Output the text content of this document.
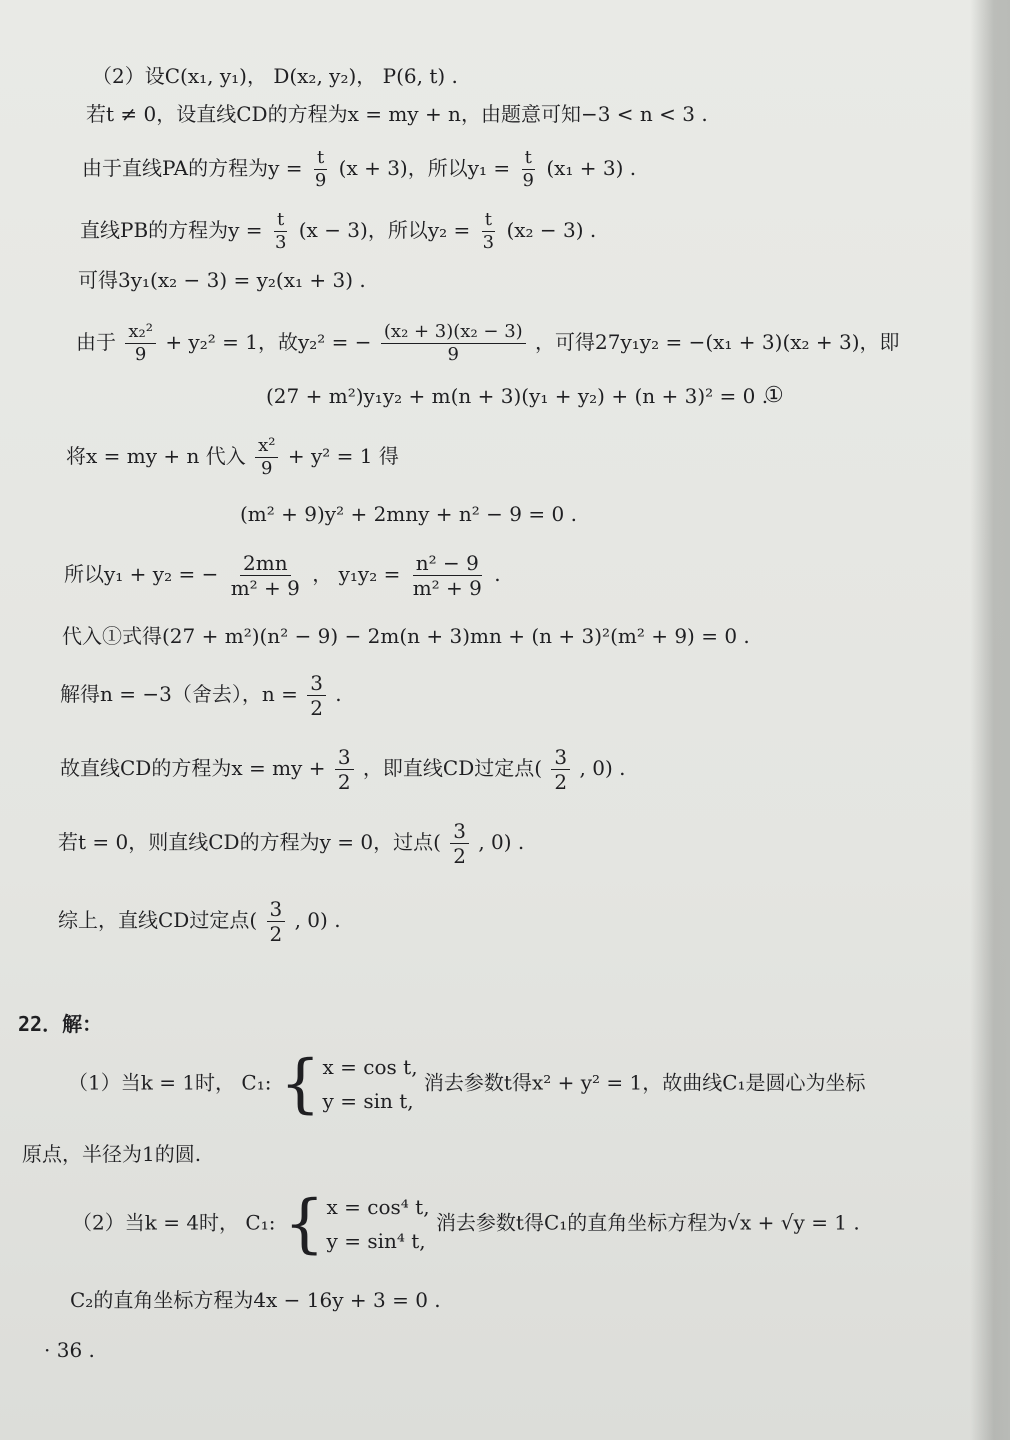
（2）设C(x₁, y₁)， D(x₂, y₂)， P(6, t) .
若t ≠ 0，设直线CD的方程为x = my + n，由题意可知−3 < n < 3 .
由于直线PA的方程为$y = \frac{t}{9} (x + 3)$，所以$y_1 = \frac{t}{9} (x_1 + 3)$ .
直线PB的方程为$y = \frac{t}{3} (x - 3)$，所以$y_2 = \frac{t}{3} (x_2 - 3)$ .
可得3y₁(x₂ − 3) = y₂(x₁ + 3) .
由于 $\frac{\text{x₂²}}{9} + y_2^2 = 1$，故y₂² = − $\frac{\text{(x₂ + 3)(x₂ − 3)}}{9}$ ，可得27y₁y₂ = −(x₁ + 3)(x₂ + 3)，即
(27 + m²)y₁y₂ + m(n + 3)(y₁ + y₂) + (n + 3)² = 0 .
①
将x = my + n 代入 $\frac{\text{x²}}{9} + y^2 = 1$ 得
(m² + 9)y² + 2mny + n² − 9 = 0 .
所以y₁ + y₂ = − $\frac{2mn}{\text{m² + 9}}$ ， $y_1y_2 = \frac{\text{n² − 9}}{\text{m² + 9}}$ .
代入①式得(27 + m²)(n² − 9) − 2m(n + 3)mn + (n + 3)²(m² + 9) = 0 .
解得n = −3（舍去），$n = \frac{3}{2}$ .
故直线CD的方程为x = my + $\frac{3}{2}$ ，即直线CD过定点( $\frac{3}{2}$ , 0) .
若t = 0，则直线CD的方程为y = 0，过点( $\frac{3}{2}$ , 0) .
综上，直线CD过定点( $\frac{3}{2}$ , 0) .
22．解：
（1）当k = 1时， C₁: { x = cos t,
y = sin t,
消去参数t得x² + y² = 1，故曲线C₁是圆心为坐标
原点，半径为1的圆.
（2）当k = 4时， C₁: { x = cos⁴ t,
y = sin⁴ t,
消去参数t得C₁的直角坐标方程为√x + √y = 1 .
C₂的直角坐标方程为4x − 16y + 3 = 0 .
· 36 .
